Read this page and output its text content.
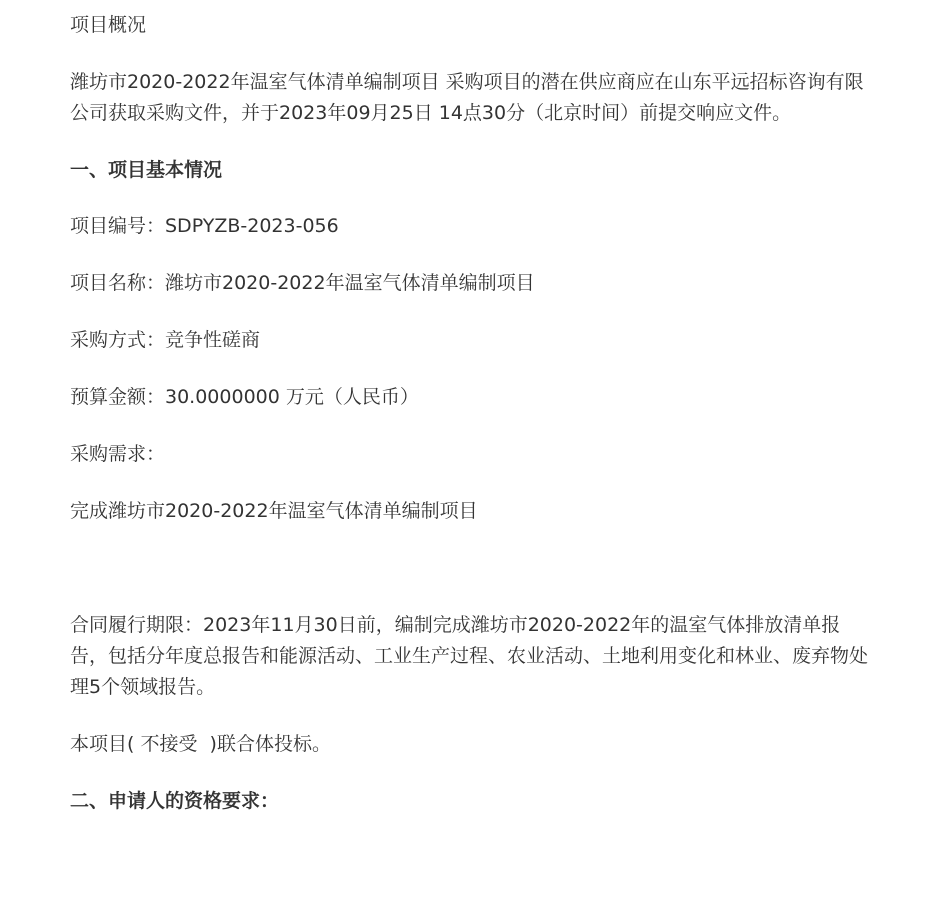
项目概况

潍坊市2020-2022年温室气体清单编制项目 采购项目的潜在供应商应在山东平远招标咨询有限公司获取采购文件，并于2023年09月25日 14点30分（北京时间）前提交响应文件。

一、项目基本情况

项目编号：SDPYZB-2023-056

项目名称：潍坊市2020-2022年温室气体清单编制项目

采购方式：竞争性磋商

预算金额：30.0000000 万元（人民币）

采购需求：

完成潍坊市2020-2022年温室气体清单编制项目

合同履行期限：2023年11月30日前，编制完成潍坊市2020-2022年的温室气体排放清单报告，包括分年度总报告和能源活动、工业生产过程、农业活动、土地利用变化和林业、废弃物处理5个领域报告。

本项目( 不接受  )联合体投标。

二、申请人的资格要求：
